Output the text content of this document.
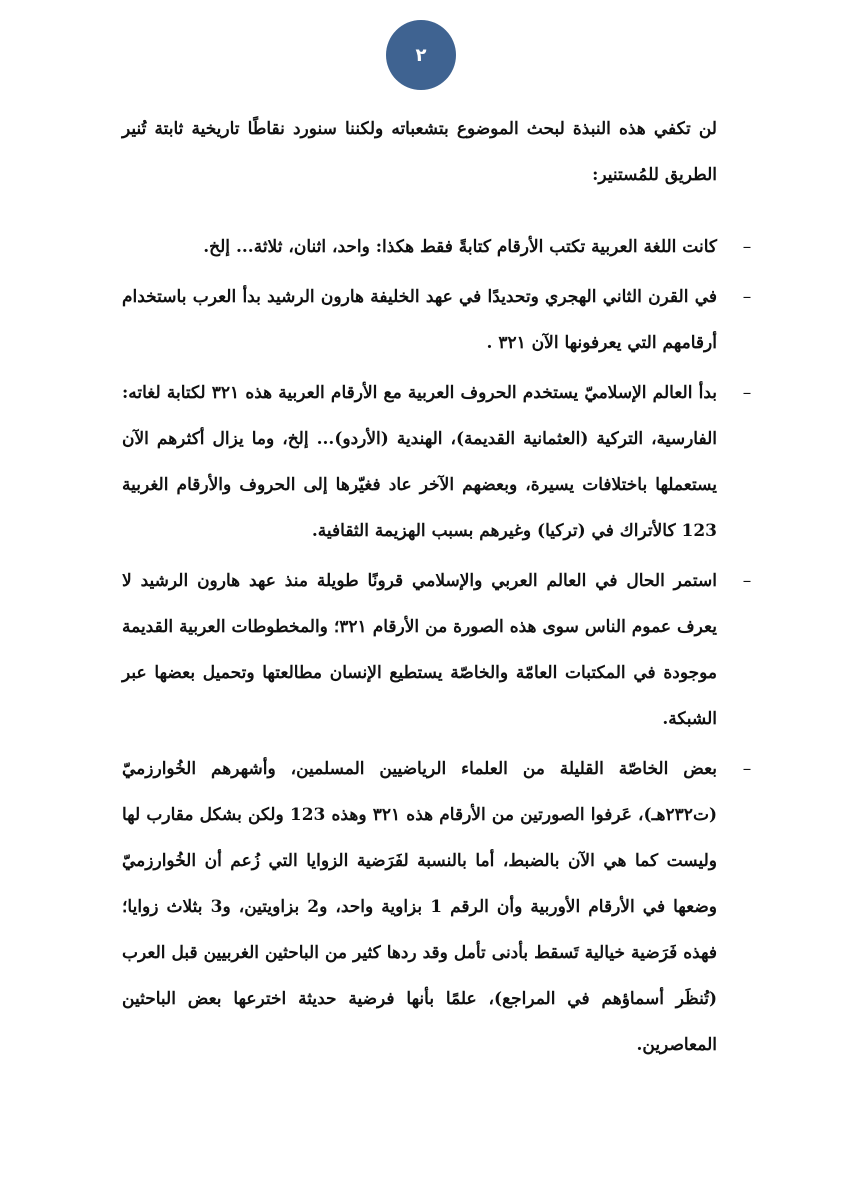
٢

لن تكفي هذه النبذة لبحث الموضوع بتشعباته ولكننا سنورد نقاطًا تاريخية ثابتة تُنير الطريق للمُستنير:

–
كانت اللغة العربية تكتب الأرقام كتابةً فقط هكذا: واحد، اثنان، ثلاثة... إلخ.
–
في القرن الثاني الهجري وتحديدًا في عهد الخليفة هارون الرشيد بدأ العرب باستخدام أرقامهم التي يعرفونها الآن ٣٢١ .
–
بدأ العالم الإسلاميّ يستخدم الحروف العربية مع الأرقام العربية هذه ٣٢١ لكتابة لغاته: الفارسية، التركية (العثمانية القديمة)، الهندية (الأردو)... إلخ، وما يزال أكثرهم الآن يستعملها باختلافات يسيرة، وبعضهم الآخر عاد فغيّرها إلى الحروف والأرقام الغربية 123 كالأتراك في (تركيا) وغيرهم بسبب الهزيمة الثقافية.
–
استمر الحال في العالم العربي والإسلامي قرونًا طويلة منذ عهد هارون الرشيد لا يعرف عموم الناس سوى هذه الصورة من الأرقام ٣٢١؛ والمخطوطات العربية القديمة موجودة في المكتبات العامّة والخاصّة يستطيع الإنسان مطالعتها وتحميل بعضها عبر الشبكة.
–
بعض الخاصّة القليلة من العلماء الرياضيين المسلمين، وأشهرهم الخُوارزميّ (ت٢٣٢هـ)، عَرفوا الصورتين من الأرقام هذه ٣٢١ وهذه 123 ولكن بشكل مقارب لها وليست كما هي الآن بالضبط، أما بالنسبة لفَرَضية الزوايا التي زُعم أن الخُوارزميّ وضعها في الأرقام الأوربية وأن الرقم 1 بزاوية واحد، و2 بزاويتين، و3 بثلاث زوايا؛ فهذه فَرَضية خيالية تَسقط بأدنى تأمل وقد ردها كثير من الباحثين الغربيين قبل العرب (تُنظَر أسماؤهم في المراجع)، علمًا بأنها فرضية حديثة اخترعها بعض الباحثين المعاصرين.
